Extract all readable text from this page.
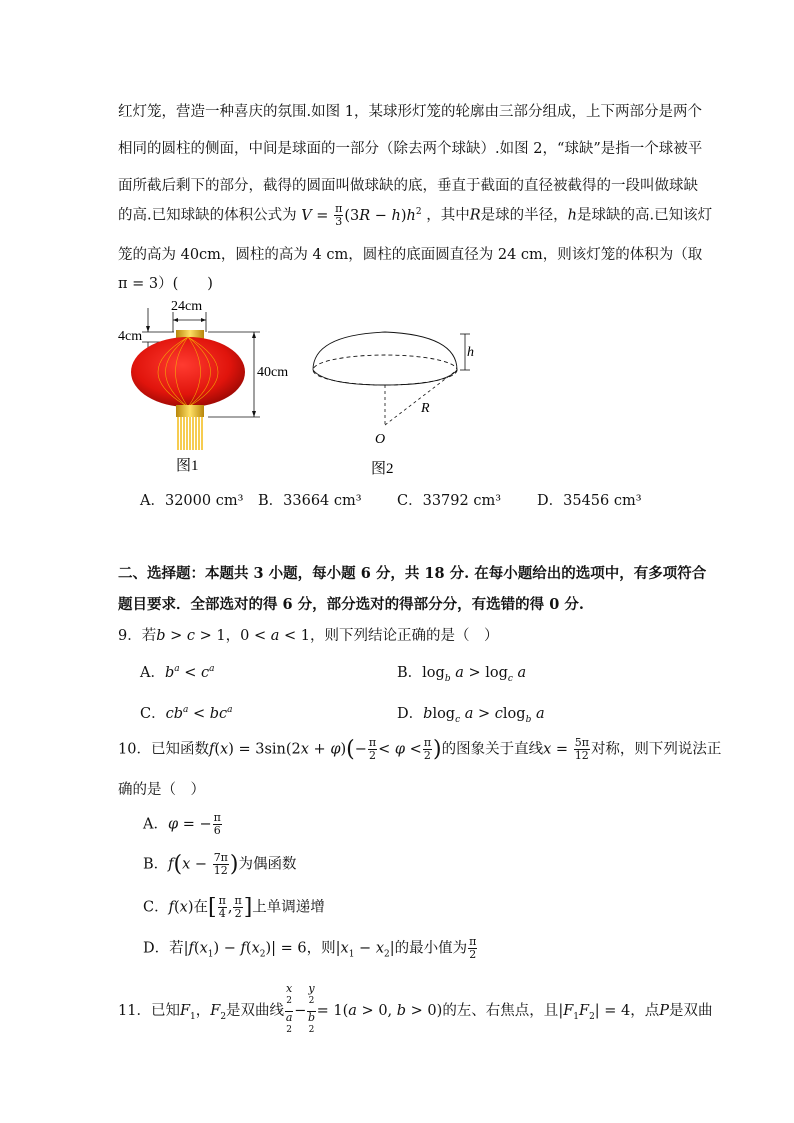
红灯笼，营造一种喜庆的氛围.如图 1，某球形灯笼的轮廓由三部分组成，上下两部分是两个
相同的圆柱的侧面，中间是球面的一部分（除去两个球缺）.如图 2，“球缺”是指一个球被平
面所截后剩下的部分，截得的圆面叫做球缺的底，垂直于截面的直径被截得的一段叫做球缺
的高.已知球缺的体积公式为 $V = \frac{\pi}{3} (3R - h)h^2$ ，其中R是球的半径，h是球缺的高.已知该灯
笼的高为 40cm，圆柱的高为 4 cm，圆柱的底面圆直径为 24 cm，则该灯笼的体积为（取
π = 3）(　　)
24cm
4cm
40cm
图1
h
R
O
图2
A．32000 cm³ B．33664 cm³ C．33792 cm³ D．35456 cm³
二、选择题：本题共 3 小题，每小题 6 分，共 18 分. 在每小题给出的选项中，有多项符合
题目要求．全部选对的得 6 分，部分选对的得部分分，有选错的得 0 分.
9．若b > c > 1，0 < a < 1，则下列结论正确的是（　）
A．$b^a < c^a$	B．$\log_b a > \log_c a$
C．$cb^a < bc^a$	D．blog$_c$ a > clog$_b$ a
10．已知函数$f(x) = 3\sin(2x + \varphi)(- \frac{\pi}{2} < \varphi < \frac{\pi}{2}$ )的图象关于直线$x = \frac{5\pi}{12}$ 对称，则下列说法正
确的是（　）
A．φ = − $\frac{\pi}{6}$
B．$f(x - \frac{7\pi}{12}$ )为偶函数
C．f(x)在[ $\frac{\pi}{4}$ , $\frac{\pi}{2}$ ]上单调递增
D．若$|f(x_1) - f(x_2)| = 6$，则$|x_1 - x_2|$的最小值为 $\frac{\pi}{2}$
11．已知$F_1$，$F_2$是双曲线 x
$^2$
a
$^2$ − y
$^2$
b
$^2$ = 1(a > 0, b > 0)的左、右焦点，且$|F_1F_2| = 4$，点P是双曲
